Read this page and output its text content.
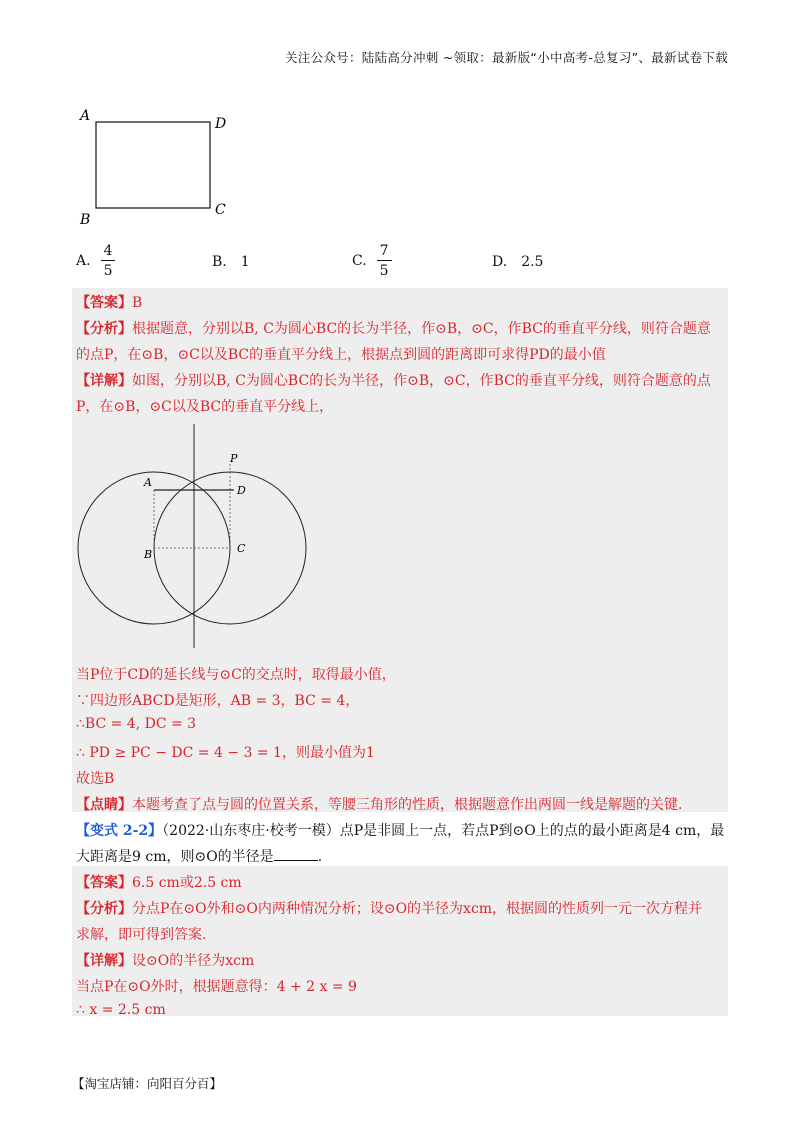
关注公众号：陆陆高分冲刺 ~领取：最新版“小中高考-总复习”、最新试卷下载
A	D
B
C
A. $\frac{4}{5}$	B. 1	C. $\frac{7}{5}$	D. 2.5
【答案】B
【分析】根据题意，分别以B, C为圆心BC的长为半径，作⊙B，⊙C，作BC的垂直平分线，则符合题意
的点P，在⊙B，⊙C以及BC的垂直平分线上，根据点到圆的距离即可求得PD的最小值
【详解】如图，分别以B, C为圆心BC的长为半径，作⊙B，⊙C，作BC的垂直平分线，则符合题意的点
P，在⊙B，⊙C以及BC的垂直平分线上，
P
A
D
B	C
当P位于CD的延长线与⊙C的交点时，取得最小值，
∵四边形ABCD是矩形，AB = 3，BC = 4，
∴BC = 4, DC = 3
∴ PD ≥ PC − DC = 4 − 3 = 1，则最小值为1
故选B
【点睛】本题考查了点与圆的位置关系，等腰三角形的性质，根据题意作出两圆一线是解题的关键.
【变式 2-2】（2022·山东枣庄·校考一模）点P是非圆上一点，若点P到⊙O上的点的最小距离是4 cm，最
大距离是9 cm，则⊙O的半径是	.
【答案】6.5 cm或2.5 cm
【分析】分点P在⊙O外和⊙O内两种情况分析；设⊙O的半径为xcm，根据圆的性质列一元一次方程并
求解，即可得到答案.
【详解】设⊙O的半径为xcm
当点P在⊙O外时，根据题意得：4 + 2 x = 9
∴ x = 2.5 cm
【淘宝店铺：向阳百分百】
